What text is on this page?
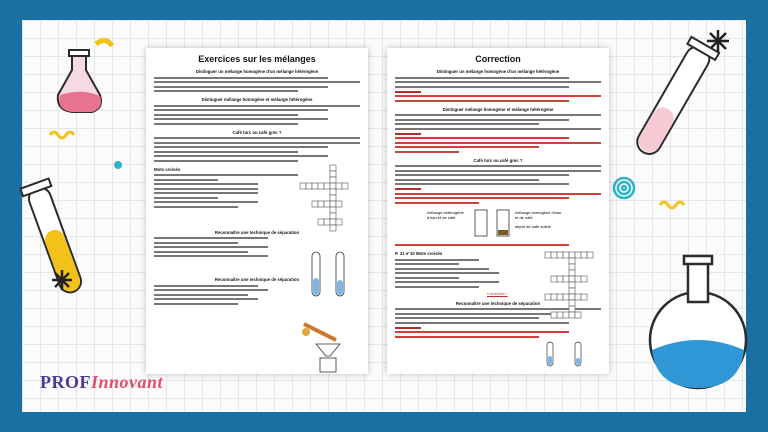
Exercices sur les mélanges
Distinguer un mélange homogène d'un mélange hétérogène
Distinguer mélange homogène et mélange hétérogène
Café turc ou café grec ?
Mots croisés
Reconnaître une technique de séparation
Reconnaître une technique de séparation
Correction
Distinguer un mélange homogène d'un mélange hétérogène
Distinguer mélange homogène et mélange hétérogène
Café turc ou café grec ?
mélange hétérogène d'eau et de café
mélange homogène d'eau et de café
dépôt de café solide
P. 31 n°10 Mots croisés
Correction :
Reconnaître une technique de séparation
PROFInnovant
